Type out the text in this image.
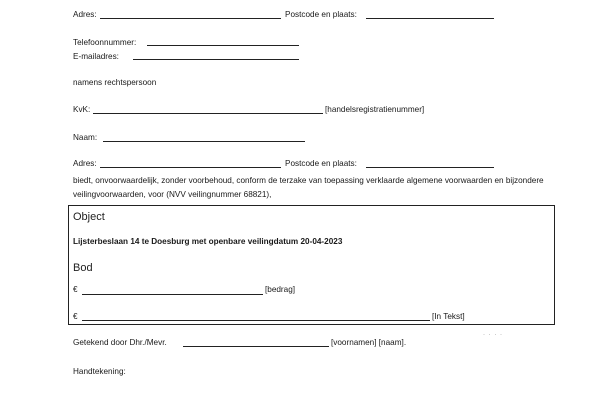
Adres:	Postcode en plaats:
Telefoonnummer:
E-mailadres:
namens rechtspersoon
KvK:	[handelsregistratienummer]
Naam:
Adres:	Postcode en plaats:
biedt, onvoorwaardelijk, zonder voorbehoud, conform de terzake van toepassing verklaarde algemene voorwaarden en bijzondere veilingvoorwaarden, voor (NVV veilingnummer 68821),
Object
Lijsterbeslaan 14 te Doesburg met openbare veilingdatum 20-04-2023
Bod
€	[bedrag]
€	[In Tekst]
· · · ·
Getekend door Dhr./Mevr.	[voornamen] [naam].
Handtekening:
